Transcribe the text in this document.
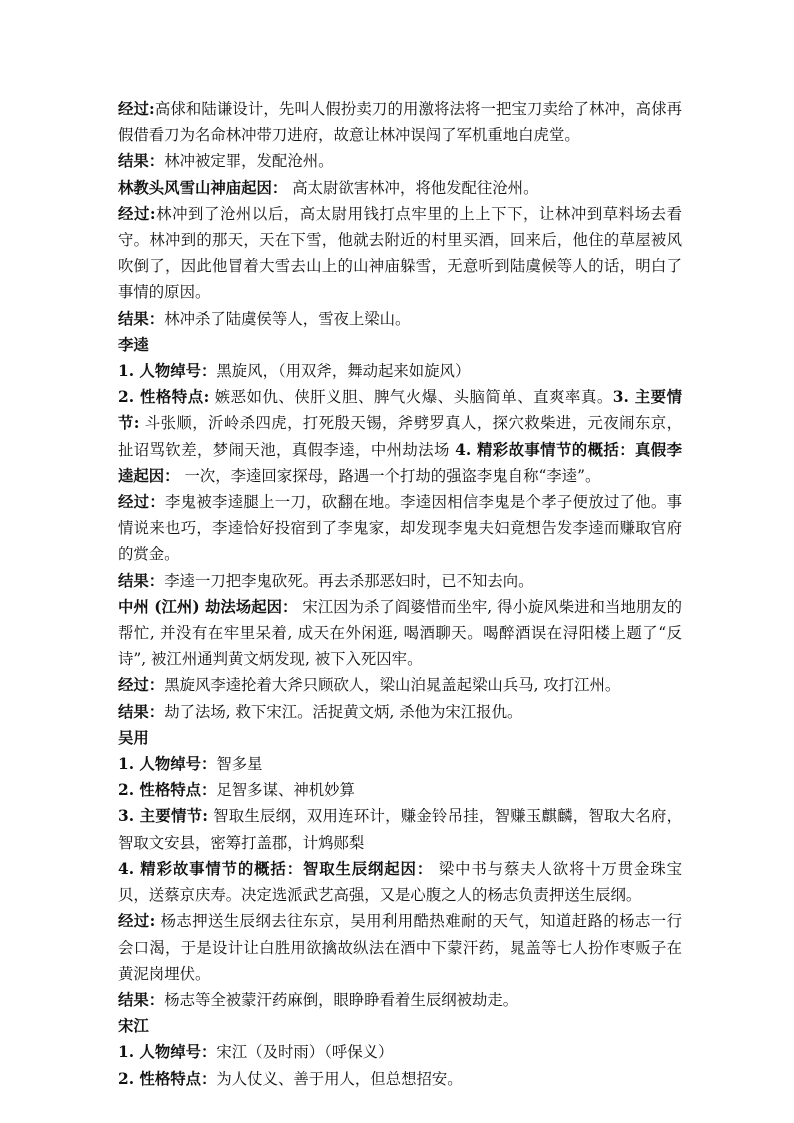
经过:高俅和陆谦设计，先叫人假扮卖刀的用激将法将一把宝刀卖给了林冲，高俅再假借看刀为名命林冲带刀进府，故意让林冲误闯了军机重地白虎堂。

结果：林冲被定罪，发配沧州。

林教头风雪山神庙起因： 高太尉欲害林冲，将他发配往沧州。

经过:林冲到了沧州以后，高太尉用钱打点牢里的上上下下，让林冲到草料场去看守。林冲到的那天，天在下雪，他就去附近的村里买酒，回来后，他住的草屋被风吹倒了，因此他冒着大雪去山上的山神庙躲雪，无意听到陆虞候等人的话，明白了事情的原因。

结果：林冲杀了陆虞侯等人，雪夜上梁山。

李逵

1. 人物绰号：黑旋风，（用双斧，舞动起来如旋风）

2. 性格特点: 嫉恶如仇、侠肝义胆、脾气火爆、头脑简单、直爽率真。3. 主要情节: 斗张顺，沂岭杀四虎，打死殷天锡，斧劈罗真人，探穴救柴进，元夜闹东京，扯诏骂钦差，梦闹天池，真假李逵，中州劫法场 4. 精彩故事情节的概括：真假李逵起因： 一次，李逵回家探母，路遇一个打劫的强盗李鬼自称“李逵”。

经过：李鬼被李逵腿上一刀，砍翻在地。李逵因相信李鬼是个孝子便放过了他。事情说来也巧，李逵恰好投宿到了李鬼家，却发现李鬼夫妇竟想告发李逵而赚取官府的赏金。

结果：李逵一刀把李鬼砍死。再去杀那恶妇时，已不知去向。

中州 (江州) 劫法场起因： 宋江因为杀了阎婆惜而坐牢, 得小旋风柴进和当地朋友的帮忙, 并没有在牢里呆着, 成天在外闲逛, 喝酒聊天。喝醉酒误在浔阳楼上题了“反诗”, 被江州通判黄文炳发现, 被下入死囚牢。

经过：黑旋风李逵抡着大斧只顾砍人，梁山泊晁盖起梁山兵马, 攻打江州。

结果：劫了法场, 救下宋江。活捉黄文炳, 杀他为宋江报仇。

吴用

1. 人物绰号：智多星

2. 性格特点：足智多谋、神机妙算

3. 主要情节: 智取生辰纲，双用连环计，赚金铃吊挂，智赚玉麒麟，智取大名府，智取文安县，密筹打盖郡，计鸩郧梨

4. 精彩故事情节的概括：智取生辰纲起因： 梁中书与蔡夫人欲将十万贯金珠宝贝，送蔡京庆寿。决定选派武艺高强，又是心腹之人的杨志负责押送生辰纲。

经过: 杨志押送生辰纲去往东京，吴用利用酷热难耐的天气，知道赶路的杨志一行会口渴，于是设计让白胜用欲擒故纵法在酒中下蒙汗药，晁盖等七人扮作枣贩子在黄泥岗埋伏。

结果：杨志等全被蒙汗药麻倒，眼睁睁看着生辰纲被劫走。

宋江

1. 人物绰号：宋江（及时雨）（呼保义）

2. 性格特点：为人仗义、善于用人，但总想招安。
